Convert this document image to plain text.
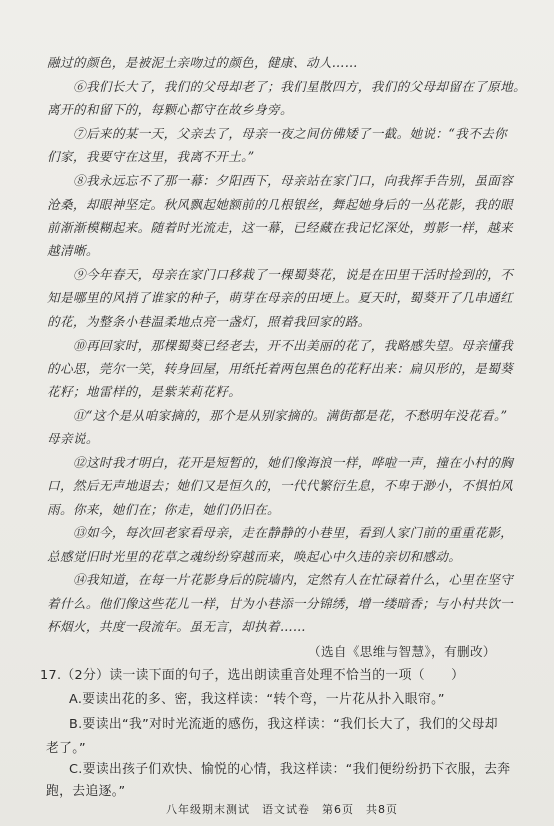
融过的颜色，是被泥土亲吻过的颜色，健康、动人……
⑥我们长大了，我们的父母却老了；我们星散四方，我们的父母却留在了原地。
离开的和留下的，每颗心都守在故乡身旁。
⑦后来的某一天，父亲去了，母亲一夜之间仿佛矮了一截。她说：“我不去你
们家，我要守在这里，我离不开土。”
⑧我永远忘不了那一幕：夕阳西下，母亲站在家门口，向我挥手告别，虽面容
沧桑，却眼神坚定。秋风飘起她额前的几根银丝，舞起她身后的一丛花影，我的眼
前渐渐模糊起来。随着时光流走，这一幕，已经藏在我记忆深处，剪影一样，越来
越清晰。
⑨今年春天，母亲在家门口移栽了一棵蜀葵花，说是在田里干活时捡到的，不
知是哪里的风捎了谁家的种子，萌芽在母亲的田埂上。夏天时，蜀葵开了几串通红
的花，为整条小巷温柔地点亮一盏灯，照着我回家的路。
⑩再回家时，那棵蜀葵已经老去，开不出美丽的花了，我略感失望。母亲懂我
的心思，莞尔一笑，转身回屋，用纸托着两包黑色的花籽出来：扁贝形的，是蜀葵
花籽；地雷样的，是紫茉莉花籽。
⑪“这个是从咱家摘的，那个是从别家摘的。满街都是花，不愁明年没花看。”
母亲说。
⑫这时我才明白，花开是短暂的，她们像海浪一样，哗啦一声，撞在小村的胸
口，然后无声地退去；她们又是恒久的，一代代繁衍生息，不卑于渺小，不惧怕风
雨。你来，她们在；你走，她们仍旧在。
⑬如今，每次回老家看母亲，走在静静的小巷里，看到人家门前的重重花影，
总感觉旧时光里的花草之魂纷纷穿越而来，唤起心中久违的亲切和感动。
⑭我知道，在每一片花影身后的院墙内，定然有人在忙碌着什么，心里在坚守
着什么。他们像这些花儿一样，甘为小巷添一分锦绣，增一缕暗香；与小村共饮一
杯烟火，共度一段流年。虽无言，却执着……
（选自《思维与智慧》，有删改）
17.（2分）读一读下面的句子，选出朗读重音处理不恰当的一项（　　）
A.要读出花的多、密，我这样读：“转个弯，一片花从扑入眼帘。”
B.要读出“我”对时光流逝的感伤，我这样读：“我们长大了，我们的父母却
老了。”
C.要读出孩子们欢快、愉悦的心情，我这样读：“我们便纷纷扔下衣服，去奔
跑，去追逐。”
八年级期末测试　语文试卷　第6页　共8页
